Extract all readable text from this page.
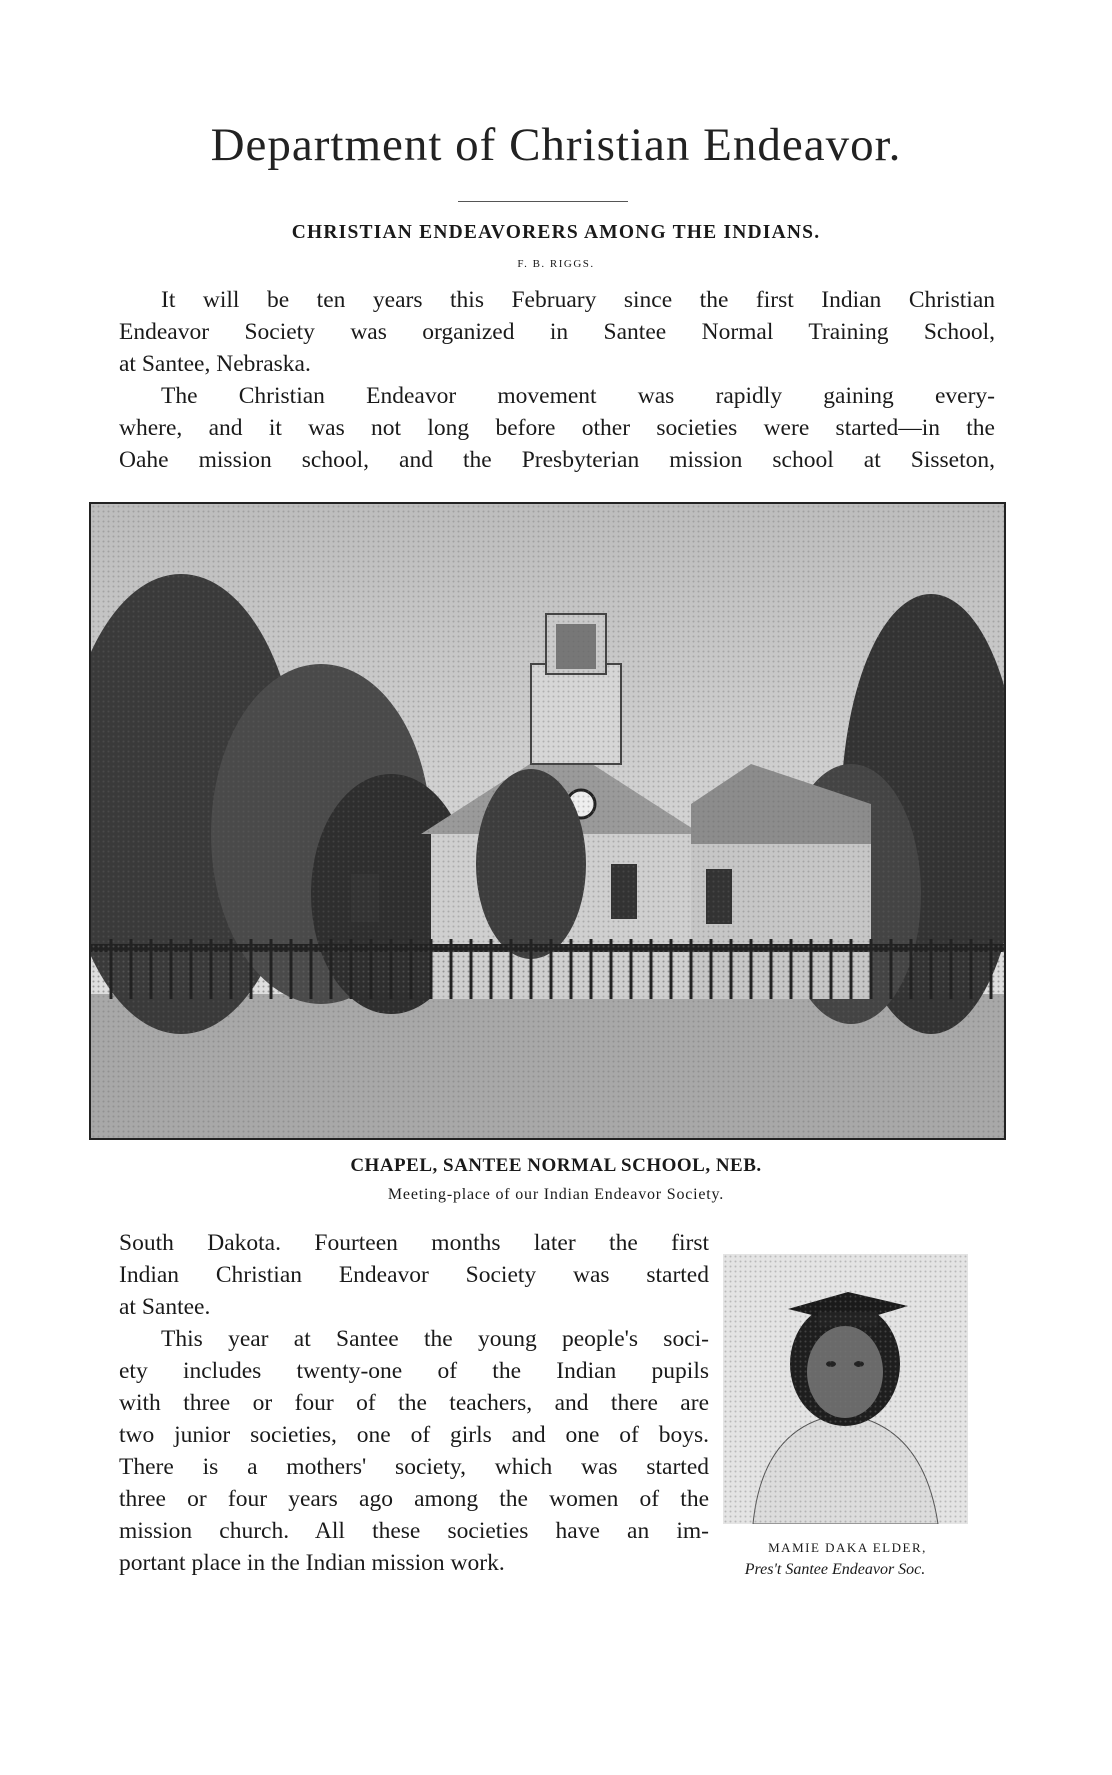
Department of Christian Endeavor.
CHRISTIAN ENDEAVORERS AMONG THE INDIANS.
F. B. RIGGS.
It will be ten years this February since the first Indian Christian
Endeavor Society was organized in Santee Normal Training School,
at Santee, Nebraska.
The Christian Endeavor movement was rapidly gaining every-
where, and it was not long before other societies were started—in the
Oahe mission school, and the Presbyterian mission school at Sisseton,
CHAPEL, SANTEE NORMAL SCHOOL, NEB.
Meeting-place of our Indian Endeavor Society.
South Dakota. Fourteen months later the first
Indian Christian Endeavor Society was started
at Santee.
This year at Santee the young people's soci-
ety includes twenty-one of the Indian pupils
with three or four of the teachers, and there are
two junior societies, one of girls and one of boys.
There is a mothers' society, which was started
three or four years ago among the women of the
mission church. All these societies have an im-
portant place in the Indian mission work.
MAMIE DAKA ELDER,
Pres't Santee Endeavor Soc.
